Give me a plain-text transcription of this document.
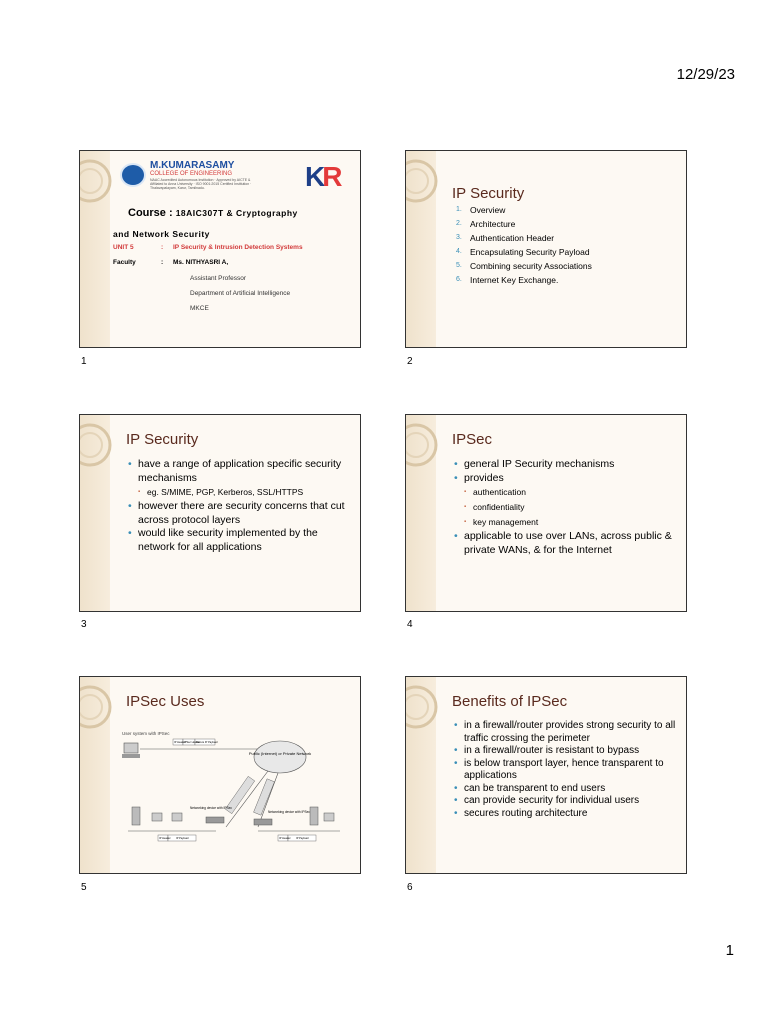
12/29/23
M.KUMARASAMY
COLLEGE OF ENGINEERING
NAAC Accredited Autonomous Institution · Approved by AICTE & Affiliated to Anna University · ISO 9001:2015 Certified Institution · Thalavapalayam, Karur, Tamilnadu.	KR
Course : 18AIC307T & Cryptography
and Network Security
UNIT 5	:	IP Security & Intrusion Detection Systems
Faculty	:	Ms. NITHYASRI A,
Assistant Professor
Department of Artificial Intelligence
MKCE
1
IP Security
1. Overview
2. Architecture
3. Authentication Header
4. Encapsulating Security Payload
5. Combining security Associations
6. Internet Key Exchange.
2
IP Security
• have a range of application specific security mechanisms
▪ eg. S/MIME, PGP, Kerberos, SSL/HTTPS
• however there are security concerns that cut across protocol layers
• would like security implemented by the network for all applications
3
IPSec
• general IP Security mechanisms
• provides
▪ authentication
▪ confidentiality
▪ key management
• applicable to use over LANs, across public & private WANs, & for the Internet
4
IPSec Uses
User system with IPSec
IP Header
IPSec Header
Secure IP Payload
Public (Internet) or Private Network
Networking device with IPSec
IP Header IP Payload
Networking device with IPSec
IP Header IP Payload
5
Benefits of IPSec
• in a firewall/router provides strong security to all traffic crossing the perimeter
• in a firewall/router is resistant to bypass
• is below transport layer, hence transparent to applications
• can be transparent to end users
• can provide security for individual users
• secures routing architecture
6
1
